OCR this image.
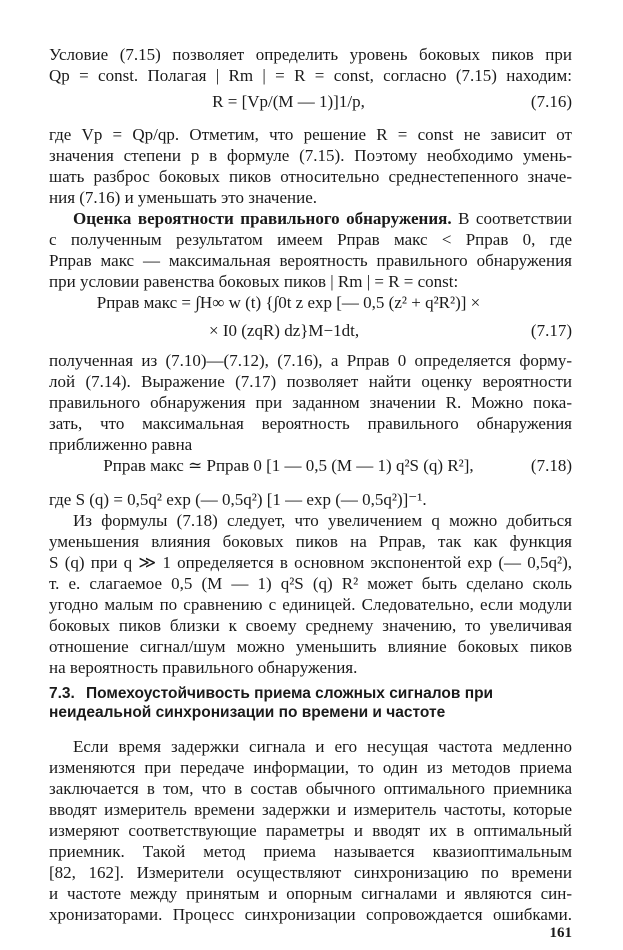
Условие (7.15) позволяет определить уровень боковых пиков при
Qp = const. Полагая | Rm | = R = const, согласно (7.15) находим:
R = [Vp/(M — 1)]1/p,	(7.16)
где Vp = Qp/qp. Отметим, что решение R = const не зависит от
значения степени p в формуле (7.15). Поэтому необходимо умень-
шать разброс боковых пиков относительно среднестепенного значе-
ния (7.16) и уменьшать это значение.
Оценка вероятности правильного обнаружения. В соответствии
с полученным результатом имеем Pправ макс < Pправ 0, где
Pправ макс — максимальная вероятность правильного обнаружения
при условии равенства боковых пиков | Rm | = R = const:
Pправ макс = ∫H∞ w (t) {∫0t z exp [— 0,5 (z² + q²R²)] ×
× I0 (zqR) dz}M−1dt,	(7.17)
полученная из (7.10)—(7.12), (7.16), а Pправ 0 определяется форму-
лой (7.14). Выражение (7.17) позволяет найти оценку вероятности
правильного обнаружения при заданном значении R. Можно пока-
зать, что максимальная вероятность правильного обнаружения
приближенно равна
Pправ макс ≃ Pправ 0 [1 — 0,5 (M — 1) q²S (q) R²],	(7.18)
где S (q) = 0,5q² exp (— 0,5q²) [1 — exp (— 0,5q²)]⁻¹.
Из формулы (7.18) следует, что увеличением q можно добиться
уменьшения влияния боковых пиков на Pправ, так как функция
S (q) при q ≫ 1 определяется в основном экспонентой exp (— 0,5q²),
т. е. слагаемое 0,5 (M — 1) q²S (q) R² может быть сделано сколь
угодно малым по сравнению с единицей. Следовательно, если модули
боковых пиков близки к своему среднему значению, то увеличивая
отношение сигнал/шум можно уменьшить влияние боковых пиков
на вероятность правильного обнаружения.
7.3. Помехоустойчивость приема сложных сигналов при
неидеальной синхронизации по времени и частоте
Если время задержки сигнала и его несущая частота медленно
изменяются при передаче информации, то один из методов приема
заключается в том, что в состав обычного оптимального приемника
вводят измеритель времени задержки и измеритель частоты, которые
измеряют соответствующие параметры и вводят их в оптимальный
приемник. Такой метод приема называется квазиоптимальным
[82, 162]. Измерители осуществляют синхронизацию по времени
и частоте между принятым и опорным сигналами и являются син-
хронизаторами. Процесс синхронизации сопровождается ошибками.
161
